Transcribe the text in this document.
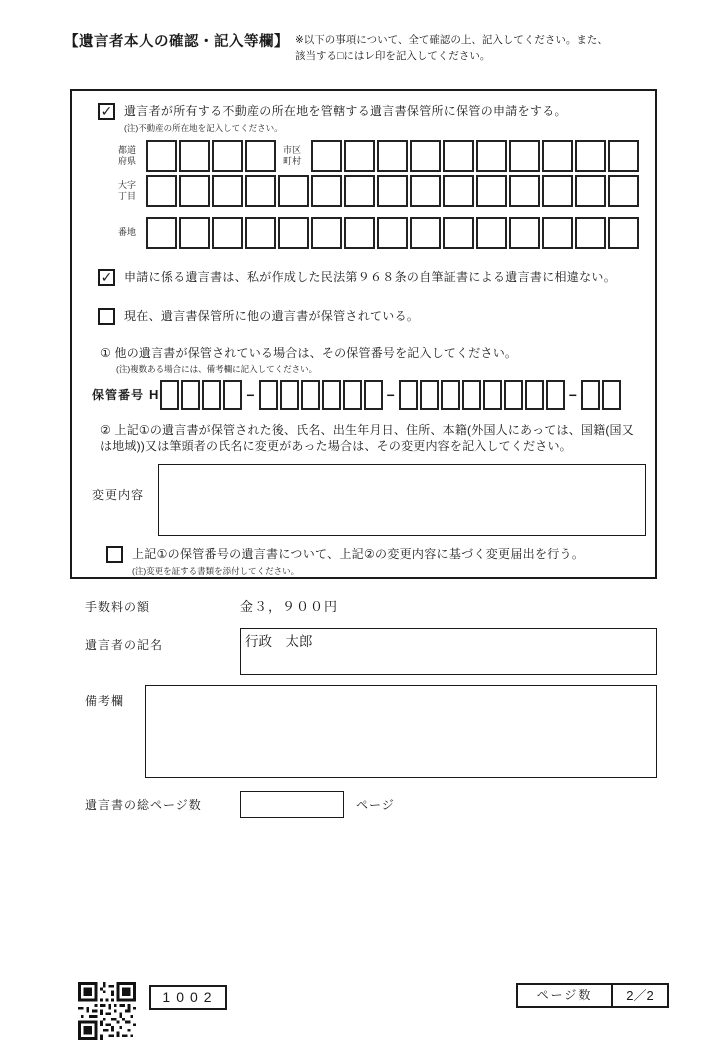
【遺言者本人の確認・記入等欄】 ※以下の事項について、全て確認の上、記入してください。また、
該当する□にはレ印を記入してください。
✓ 遺言者が所有する不動産の所在地を管轄する遺言書保管所に保管の申請をする。
(注)不動産の所在地を記入してください。
都道府県
市区町村
大字丁目
番地
✓ 申請に係る遺言書は、私が作成した民法第９６８条の自筆証書による遺言書に相違ない。
現在、遺言書保管所に他の遺言書が保管されている。
① 他の遺言書が保管されている場合は、その保管番号を記入してください。
(注)複数ある場合には、備考欄に記入してください。
保管番号 H	−	−	−
② 上記①の遺言書が保管された後、氏名、出生年月日、住所、本籍(外国人にあっては、国籍(国又は地域))又は筆頭者の氏名に変更があった場合は、その変更内容を記入してください。
変更内容
上記①の保管番号の遺言書について、上記②の変更内容に基づく変更届出を行う。
(注)変更を証する書類を添付してください。
手数料の額	金３，９００円
遺言者の記名	行政　太郎
備考欄
遺言書の総ページ数	ページ
1002	ページ数	2／2
